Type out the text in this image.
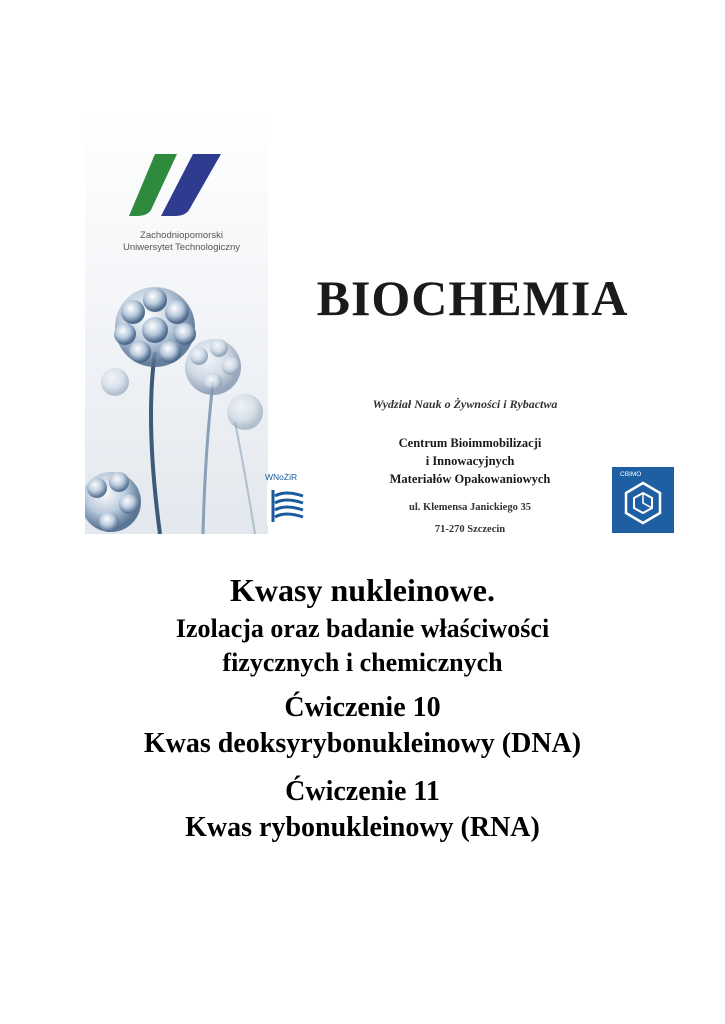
Zachodniopomorski
Uniwersytet Technologiczny
WNoŻiR
BIOCHEMIA
Wydział Nauk o Żywności i Rybactwa
Centrum Bioimmobilizacji
i Innowacyjnych
Materiałów Opakowaniowych
ul. Klemensa Janickiego 35
71-270 Szczecin
CBIMO
Kwasy nukleinowe.
Izolacja oraz badanie właściwości
fizycznych i chemicznych
Ćwiczenie 10
Kwas deoksyrybonukleinowy (DNA)
Ćwiczenie 11
Kwas rybonukleinowy (RNA)
